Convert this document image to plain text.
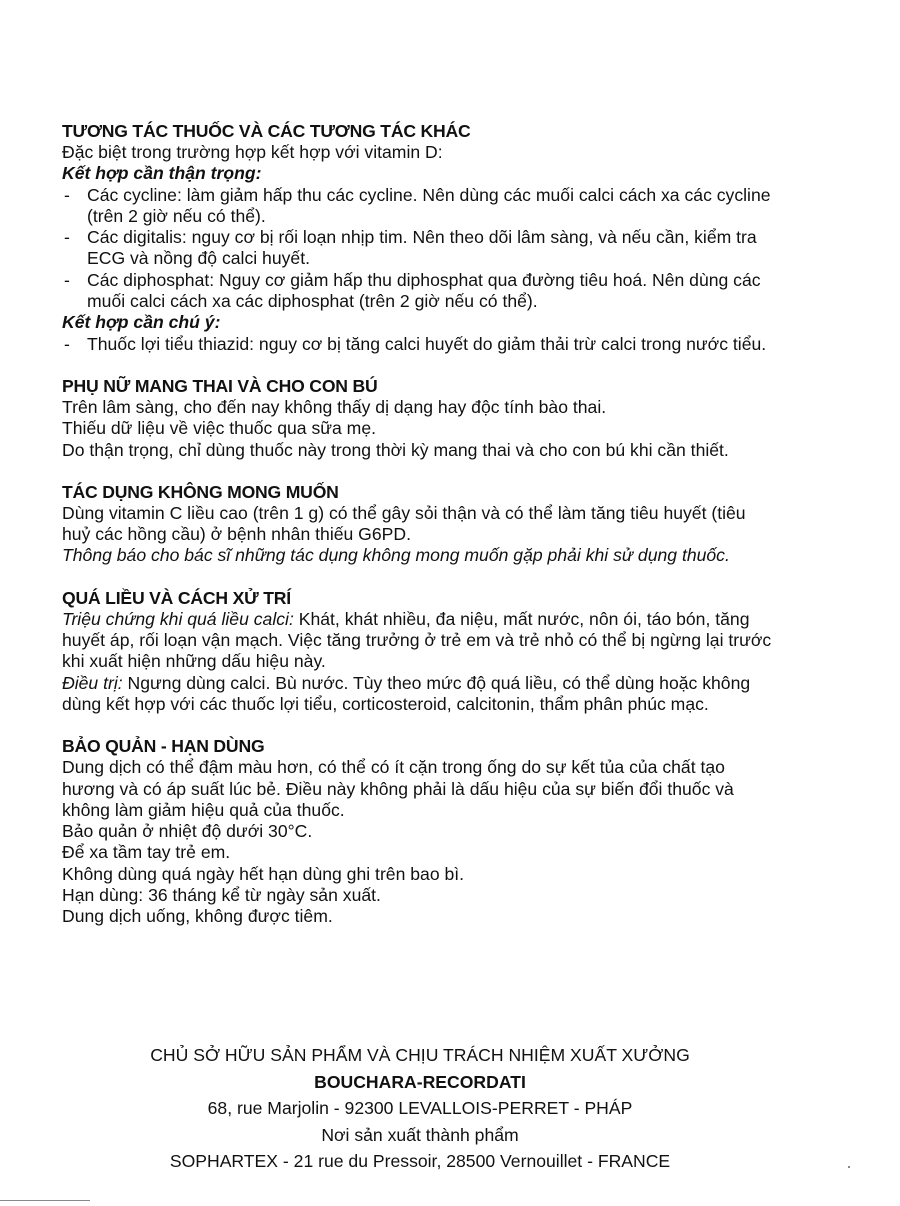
TƯƠNG TÁC THUỐC VÀ CÁC TƯƠNG TÁC KHÁC

Đặc biệt trong trường hợp kết hợp với vitamin D:

Kết hợp cần thận trọng:

- Các cycline: làm giảm hấp thu các cycline. Nên dùng các muối calci cách xa các cycline (trên 2 giờ nếu có thể).
- Các digitalis: nguy cơ bị rối loạn nhịp tim. Nên theo dõi lâm sàng, và nếu cần, kiểm tra ECG và nồng độ calci huyết.
- Các diphosphat: Nguy cơ giảm hấp thu diphosphat qua đường tiêu hoá. Nên dùng các muối calci cách xa các diphosphat (trên 2 giờ nếu có thể).

Kết hợp cần chú ý:

- Thuốc lợi tiểu thiazid: nguy cơ bị tăng calci huyết do giảm thải trừ calci trong nước tiểu.
PHỤ NỮ MANG THAI VÀ CHO CON BÚ

Trên lâm sàng, cho đến nay không thấy dị dạng hay độc tính bào thai.

Thiếu dữ liệu về việc thuốc qua sữa mẹ.

Do thận trọng, chỉ dùng thuốc này trong thời kỳ mang thai và cho con bú khi cần thiết.

TÁC DỤNG KHÔNG MONG MUỐN

Dùng vitamin C liều cao (trên 1 g) có thể gây sỏi thận và có thể làm tăng tiêu huyết (tiêu huỷ các hồng cầu) ở bệnh nhân thiếu G6PD.

Thông báo cho bác sĩ những tác dụng không mong muốn gặp phải khi sử dụng thuốc.

QUÁ LIỀU VÀ CÁCH XỬ TRÍ

Triệu chứng khi quá liều calci: Khát, khát nhiều, đa niệu, mất nước, nôn ói, táo bón, tăng huyết áp, rối loạn vận mạch. Việc tăng trưởng ở trẻ em và trẻ nhỏ có thể bị ngừng lại trước khi xuất hiện những dấu hiệu này.

Điều trị: Ngưng dùng calci. Bù nước. Tùy theo mức độ quá liều, có thể dùng hoặc không dùng kết hợp với các thuốc lợi tiểu, corticosteroid, calcitonin, thẩm phân phúc mạc.

BẢO QUẢN - HẠN DÙNG

Dung dịch có thể đậm màu hơn, có thể có ít cặn trong ống do sự kết tủa của chất tạo hương và có áp suất lúc bẻ. Điều này không phải là dấu hiệu của sự biến đổi thuốc và không làm giảm hiệu quả của thuốc.

Bảo quản ở nhiệt độ dưới 30°C.

Để xa tầm tay trẻ em.

Không dùng quá ngày hết hạn dùng ghi trên bao bì.

Hạn dùng: 36 tháng kể từ ngày sản xuất.

Dung dịch uống, không được tiêm.

CHỦ SỞ HỮU SẢN PHẨM VÀ CHỊU TRÁCH NHIỆM XUẤT XƯỞNG
BOUCHARA-RECORDATI
68, rue Marjolin - 92300 LEVALLOIS-PERRET - PHÁP
Nơi sản xuất thành phẩm
SOPHARTEX - 21 rue du Pressoir, 28500 Vernouillet - FRANCE
